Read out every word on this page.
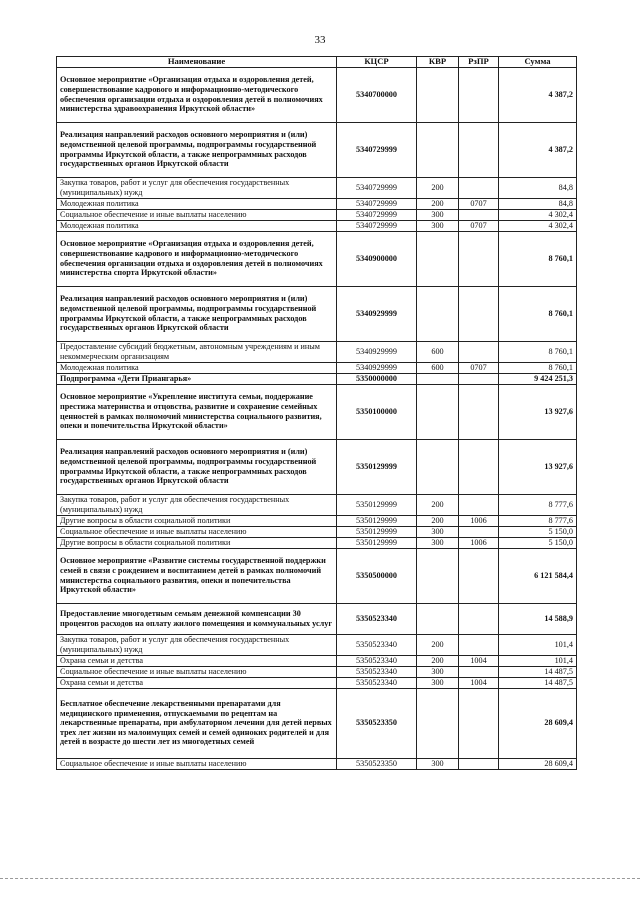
33
Наименование	КЦСР	КВР	РзПР	Сумма
Основное мероприятие «Организация отдыха и оздоровления детей, совершенствование кадрового и информационно-методического обеспечения организации отдыха и оздоровления детей в полномочиях министерства здравоохранения Иркутской области»	5340700000			4 387,2
Реализация направлений расходов основного мероприятия и (или) ведомственной целевой программы, подпрограммы государственной программы Иркутской области, а также непрограммных расходов государственных органов Иркутской области	5340729999			4 387,2
Закупка товаров, работ и услуг для обеспечения государственных (муниципальных) нужд	5340729999	200		84,8
Молодежная политика	5340729999	200	0707	84,8
Социальное обеспечение и иные выплаты населению	5340729999	300		4 302,4
Молодежная политика	5340729999	300	0707	4 302,4
Основное мероприятие «Организация отдыха и оздоровления детей, совершенствование кадрового и информационно-методического обеспечения организации отдыха и оздоровления детей в полномочиях министерства спорта Иркутской области»	5340900000			8 760,1
Реализация направлений расходов основного мероприятия и (или) ведомственной целевой программы, подпрограммы государственной программы Иркутской области, а также непрограммных расходов государственных органов Иркутской области	5340929999			8 760,1
Предоставление субсидий бюджетным, автономным учреждениям и иным некоммерческим организациям	5340929999	600		8 760,1
Молодежная политика	5340929999	600	0707	8 760,1
Подпрограмма «Дети Приангарья»	5350000000			9 424 251,3
Основное мероприятие «Укрепление института семьи, поддержание престижа материнства и отцовства, развитие и сохранение семейных ценностей в рамках полномочий министерства социального развития, опеки и попечительства Иркутской области»	5350100000			13 927,6
Реализация направлений расходов основного мероприятия и (или) ведомственной целевой программы, подпрограммы государственной программы Иркутской области, а также непрограммных расходов государственных органов Иркутской области	5350129999			13 927,6
Закупка товаров, работ и услуг для обеспечения государственных (муниципальных) нужд	5350129999	200		8 777,6
Другие вопросы в области социальной политики	5350129999	200	1006	8 777,6
Социальное обеспечение и иные выплаты населению	5350129999	300		5 150,0
Другие вопросы в области социальной политики	5350129999	300	1006	5 150,0
Основное мероприятие «Развитие системы государственной поддержки семей в связи с рождением и воспитанием детей в рамках полномочий министерства социального развития, опеки и попечительства Иркутской области»	5350500000			6 121 584,4
Предоставление многодетным семьям денежной компенсации 30 процентов расходов на оплату жилого помещения и коммунальных услуг	5350523340			14 588,9
Закупка товаров, работ и услуг для обеспечения государственных (муниципальных) нужд	5350523340	200		101,4
Охрана семьи и детства	5350523340	200	1004	101,4
Социальное обеспечение и иные выплаты населению	5350523340	300		14 487,5
Охрана семьи и детства	5350523340	300	1004	14 487,5
Бесплатное обеспечение лекарственными препаратами для медицинского применения, отпускаемыми по рецептам на лекарственные препараты, при амбулаторном лечении для детей первых трех лет жизни из малоимущих семей и семей одиноких родителей и для детей в возрасте до шести лет из многодетных семей	5350523350			28 609,4
Социальное обеспечение и иные выплаты населению	5350523350	300		28 609,4
